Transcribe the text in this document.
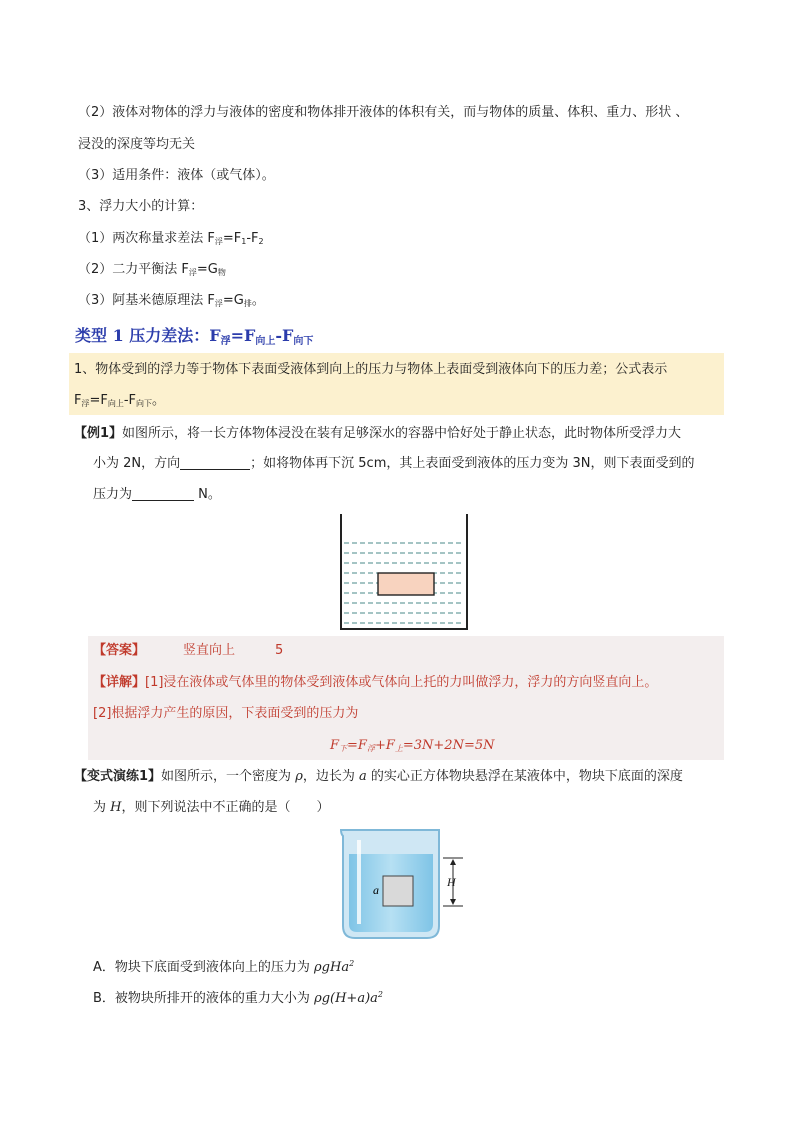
（2）液体对物体的浮力与液体的密度和物体排开液体的体积有关，而与物体的质量、体积、重力、形状 、
浸没的深度等均无关
（3）适用条件：液体（或气体）。
3、浮力大小的计算：
（1）两次称量求差法 $F_浮=F_1-F_2$
（2）二力平衡法 $F_浮=G_物$
（3）阿基米德原理法 $F_浮=G_排$。
类型 1 压力差法：$F_浮=F_{向上}-F_{向下}$
1、物体受到的浮力等于物体下表面受液体到向上的压力与物体上表面受到液体向下的压力差；公式表示
$F_浮=F_{向上}-F_{向下}$。
【例1】如图所示，将一长方体物体浸没在装有足够深水的容器中恰好处于静止状态，此时物体所受浮力大
小为 2N，方向	；如将物体再下沉 5cm，其上表面受到液体的压力变为 3N，则下表面受到的
压力为	N。
【答案】	竖直向上	5
【详解】[1]浸在液体或气体里的物体受到液体或气体向上托的力叫做浮力，浮力的方向竖直向上。
[2]根据浮力产生的原因，下表面受到的压力为
$F_下=F_浮+F_上=3N+2N=5N$
【变式演练1】如图所示，一个密度为 ρ，边长为 a 的实心正方体物块悬浮在某液体中，物块下底面的深度
为 H，则下列说法中不正确的是（　　）
a
H
A．物块下底面受到液体向上的压力为 ρgHa$^2$
B．被物块所排开的液体的重力大小为 $\rho g(H+a)a^2$
